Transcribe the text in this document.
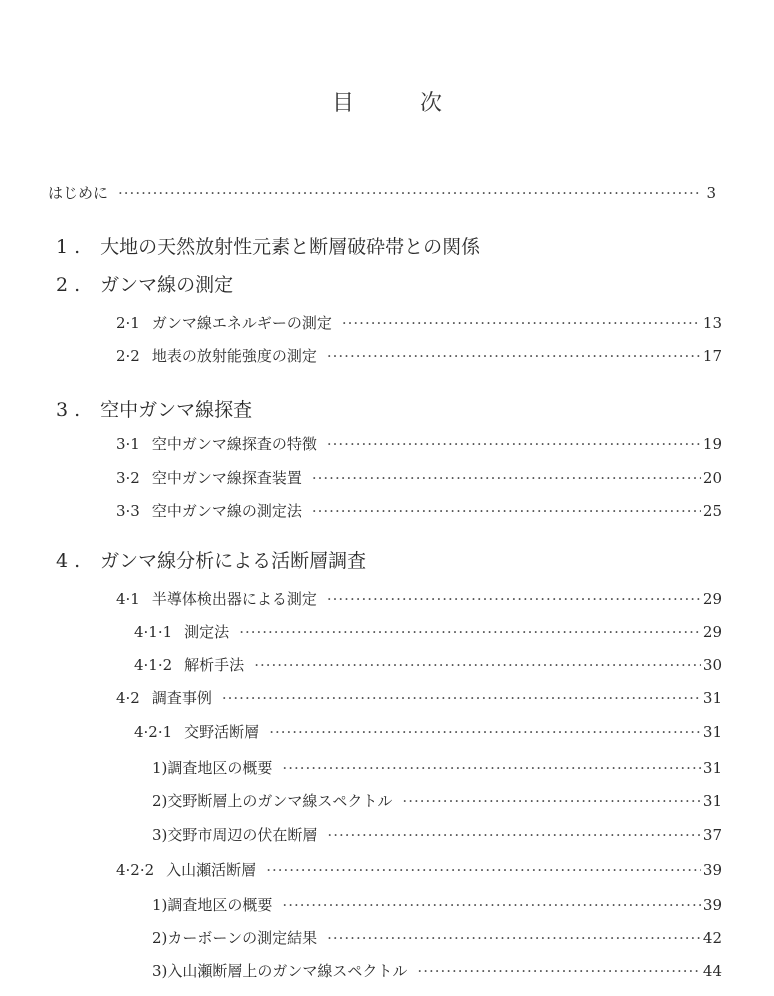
目　次
はじめに ·····	3
1. 大地の天然放射性元素と断層破砕帯との関係
2. ガンマ線の測定
2·1 ガンマ線エネルギーの測定 ·····	13
2·2 地表の放射能強度の測定 ·····	17
3. 空中ガンマ線探査
3·1 空中ガンマ線探査の特徴 ·····	19
3·2 空中ガンマ線探査装置 ·····	20
3·3 空中ガンマ線の測定法 ·····	25
4. ガンマ線分析による活断層調査
4·1 半導体検出器による測定 ·····	29
4·1·1 測定法 ·····	29
4·1·2 解析手法 ·····	30
4·2 調査事例 ·····	31
4·2·1 交野活断層 ·····	31
1) 調査地区の概要 ·····	31
2) 交野断層上のガンマ線スペクトル ·····	31
3) 交野市周辺の伏在断層 ·····	37
4·2·2 入山瀬活断層 ·····	39
1) 調査地区の概要 ·····	39
2) カーボーンの測定結果 ·····	42
3) 入山瀬断層上のガンマ線スペクトル ·····	44
